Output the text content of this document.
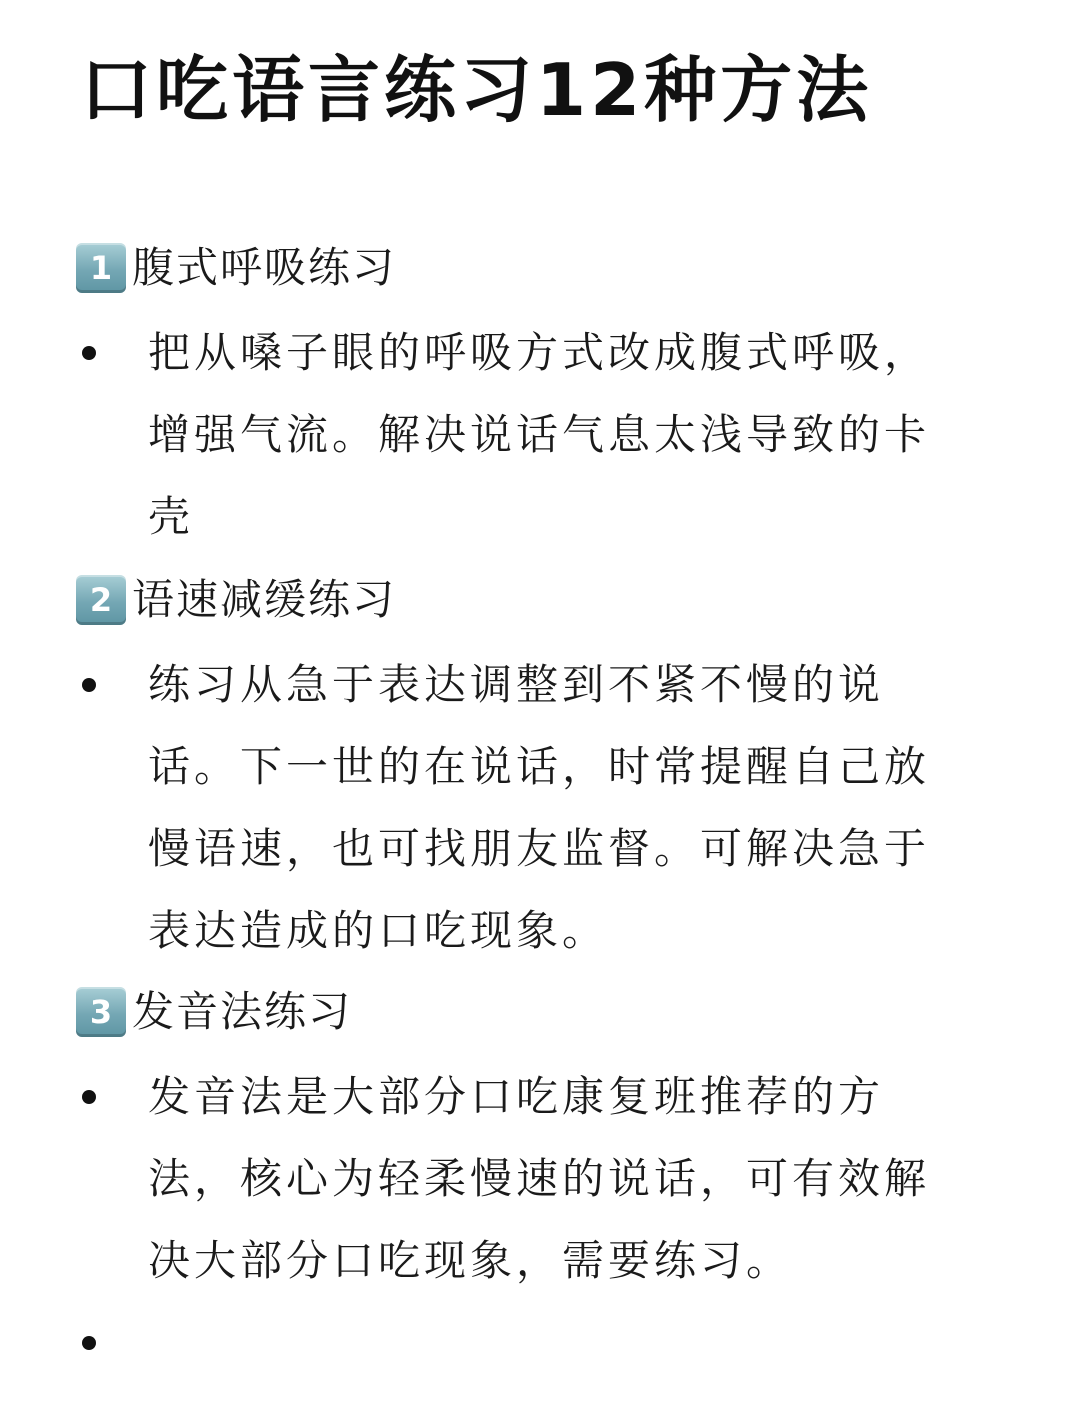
口吃语言练习12种方法
1 腹式呼吸练习

把从嗓子眼的呼吸方式改成腹式呼吸，
增强气流。解决说话气息太浅导致的卡
壳

2 语速减缓练习

练习从急于表达调整到不紧不慢的说
话。下一世的在说话，时常提醒自己放
慢语速，也可找朋友监督。可解决急于
表达造成的口吃现象。

3 发音法练习

发音法是大部分口吃康复班推荐的方
法，核心为轻柔慢速的说话，可有效解
决大部分口吃现象，需要练习。
